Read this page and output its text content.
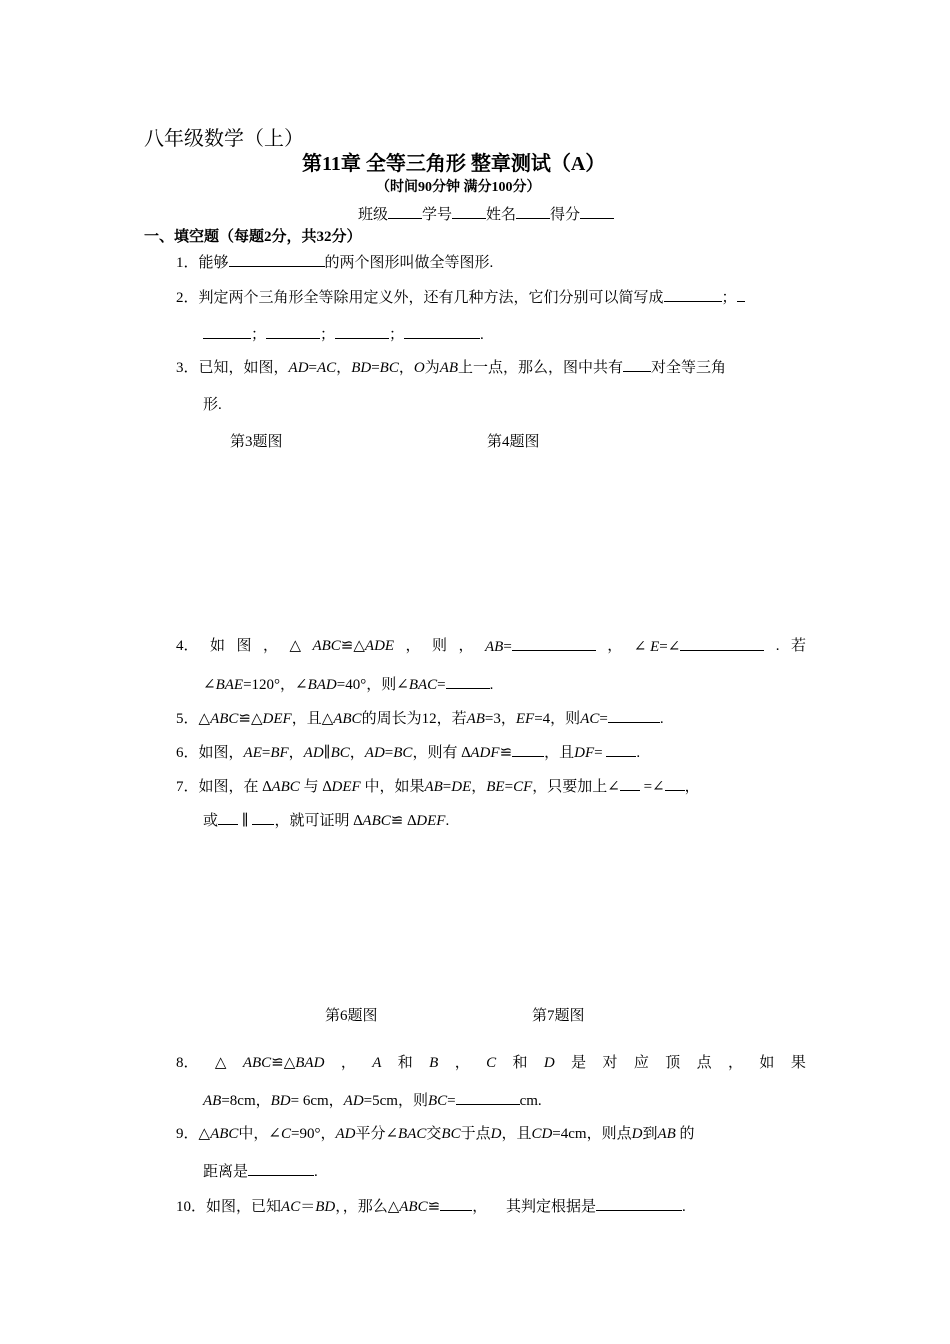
八年级数学（上）
第11章 全等三角形 整章测试（A）
（时间90分钟 满分100分）
班级 学号 姓名 得分
一、填空题（每题2分，共32分）
1．能够	的两个图形叫做全等图形.
2．判定两个三角形全等除用定义外，还有几种方法，它们分别可以简写成	；
；	；	；	.
3．已知，如图，AD=AC，BD=BC，O为AB上一点，那么，图中共有 对全等三角
形.
第3题图	第4题图
4． 如 图 ， △ ABC≌△ADE ， 则 ， AB=	， ∠ E=∠	. 若
∠BAE=120°，∠BAD=40°，则∠BAC=	.
5．△ABC≌△DEF，且△ABC的周长为12，若AB=3，EF=4，则AC=	.
6．如图，AE=BF，AD∥BC，AD=BC，则有 ∆ADF≌ ，且DF= .
7．如图，在 ∆ABC 与 ∆DEF 中，如果AB=DE，BE=CF，只要加上∠ =∠ ，
或 ∥ ，就可证明 ∆ABC≌ ∆DEF.
第6题图	第7题图
8． △ ABC≌△BAD ， A 和 B ， C 和 D 是 对 应 顶 点 ， 如 果
AB=8cm，BD= 6cm，AD=5cm，则BC=	cm.
9．△ABC中，∠C=90°，AD平分∠BAC交BC于点D，且CD=4cm，则点D到AB 的
距离是	.
10．如图，已知AC＝BD，，那么△ABC≌ ， 其判定根据是	.
